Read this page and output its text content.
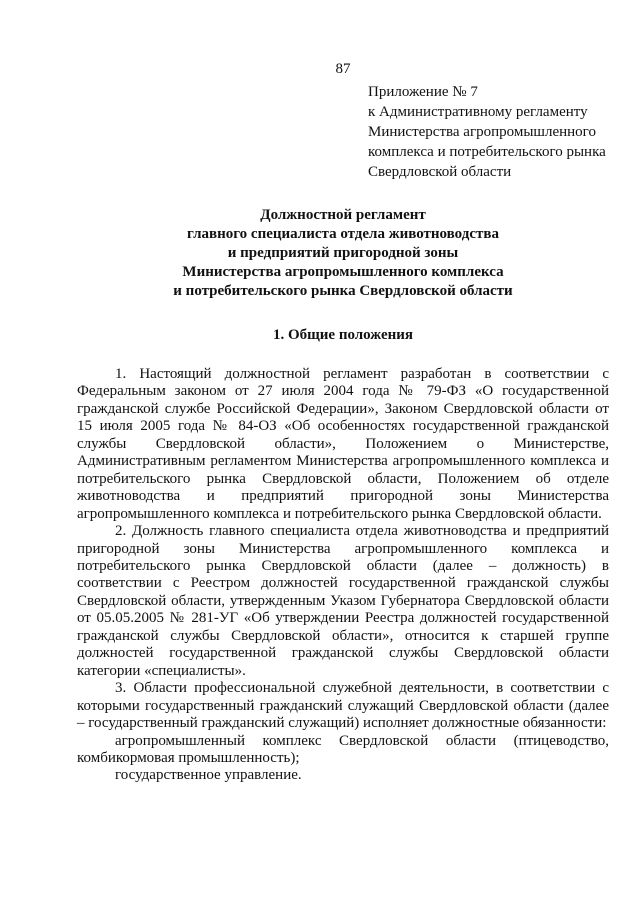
87
Приложение № 7
к Административному регламенту
Министерства агропромышленного
комплекса и потребительского рынка
Свердловской области
Должностной регламент
главного специалиста отдела животноводства
и предприятий пригородной зоны
Министерства агропромышленного комплекса
и потребительского рынка Свердловской области
1. Общие положения

1. Настоящий должностной регламент разработан в соответствии с Федеральным законом от 27 июля 2004 года № 79-ФЗ «О государственной гражданской службе Российской Федерации», Законом Свердловской области от 15 июля 2005 года № 84-ОЗ «Об особенностях государственной гражданской службы Свердловской области», Положением о Министерстве, Административным регламентом Министерства агропромышленного комплекса и потребительского рынка Свердловской области, Положением об отделе животноводства и предприятий пригородной зоны Министерства агропромышленного комплекса и потребительского рынка Свердловской области.

2. Должность главного специалиста отдела животноводства и предприятий пригородной зоны Министерства агропромышленного комплекса и потребительского рынка Свердловской области (далее – должность) в соответствии с Реестром должностей государственной гражданской службы Свердловской области, утвержденным Указом Губернатора Свердловской области от 05.05.2005 № 281-УГ «Об утверждении Реестра должностей государственной гражданской службы Свердловской области», относится к старшей группе должностей государственной гражданской службы Свердловской области категории «специалисты».

3. Области профессиональной служебной деятельности, в соответствии с которыми государственный гражданский служащий Свердловской области (далее – государственный гражданский служащий) исполняет должностные обязанности:

агропромышленный комплекс Свердловской области (птицеводство, комбикормовая промышленность);

государственное управление.
